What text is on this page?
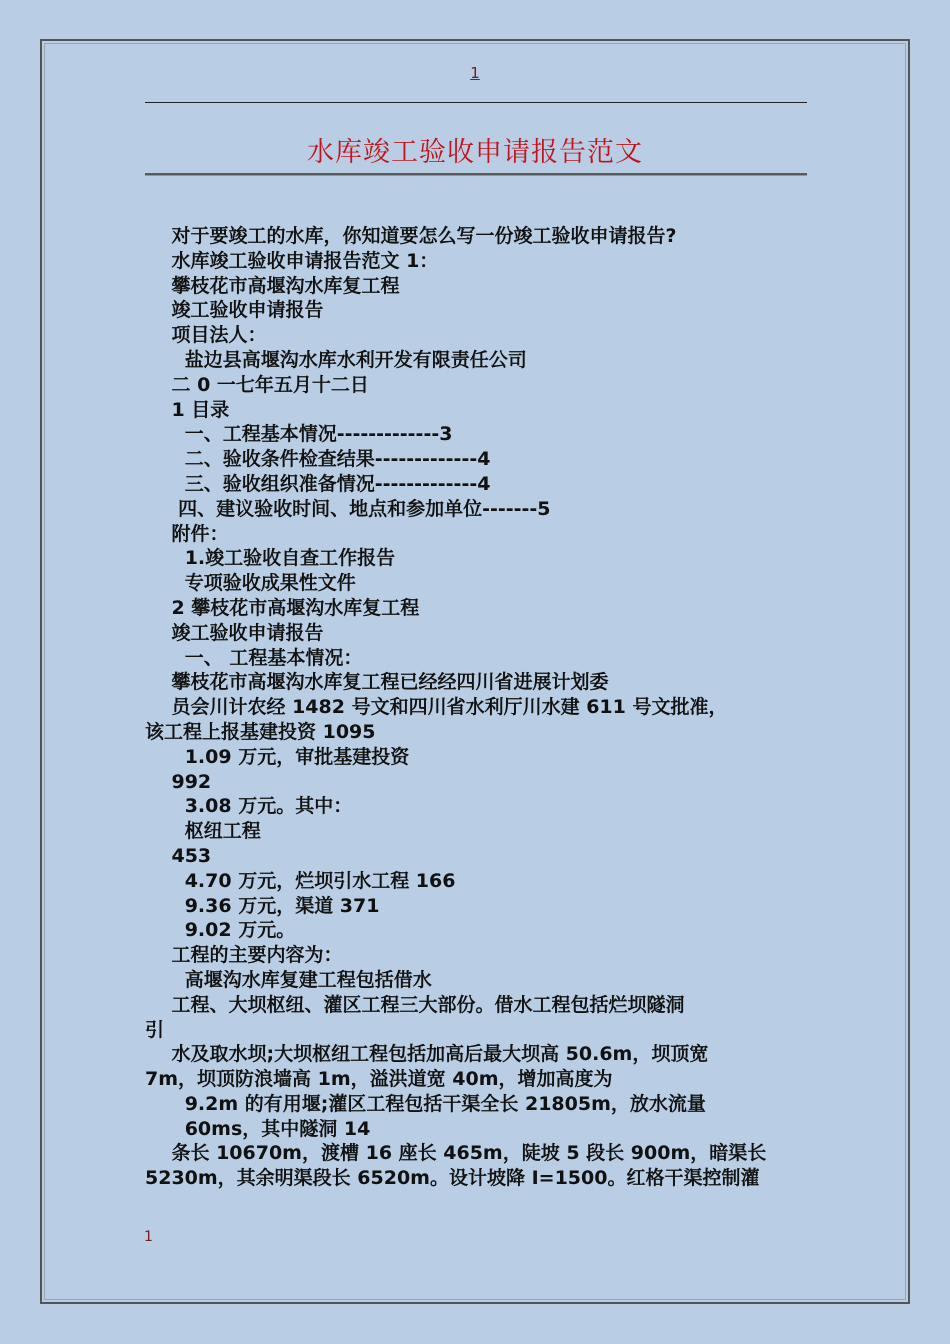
1
水库竣工验收申请报告范文

对于要竣工的水库，你知道要怎么写一份竣工验收申请报告?

水库竣工验收申请报告范文 1：

攀枝花市高堰沟水库复工程

竣工验收申请报告

项目法人：

盐边县高堰沟水库水利开发有限责任公司

二 0 一七年五月十二日

1 目录

一、工程基本情况-------------3

二、验收条件检查结果-------------4

三、验收组织准备情况-------------4

四、建议验收时间、地点和参加单位-------5

附件：

1.竣工验收自查工作报告

专项验收成果性文件

2 攀枝花市高堰沟水库复工程

竣工验收申请报告

一、 工程基本情况：

攀枝花市高堰沟水库复工程已经经四川省进展计划委

员会川计农经 1482 号文和四川省水利厅川水建 611 号文批准，

该工程上报基建投资 1095

1.09 万元，审批基建投资

992

3.08 万元。其中：

枢纽工程

453

4.70 万元，烂坝引水工程 166

9.36 万元，渠道 371

9.02 万元。

工程的主要内容为：

高堰沟水库复建工程包括借水

工程、大坝枢纽、灌区工程三大部份。借水工程包括烂坝隧洞

引

水及取水坝;大坝枢纽工程包括加高后最大坝高 50.6m，坝顶宽

7m，坝顶防浪墙高 1m，溢洪道宽 40m，增加高度为

9.2m 的有用堰;灌区工程包括干渠全长 21805m，放水流量

60ms，其中隧洞 14

条长 10670m，渡槽 16 座长 465m，陡坡 5 段长 900m，暗渠长

5230m，其余明渠段长 6520m。设计坡降 I=1500。红格干渠控制灌

1
